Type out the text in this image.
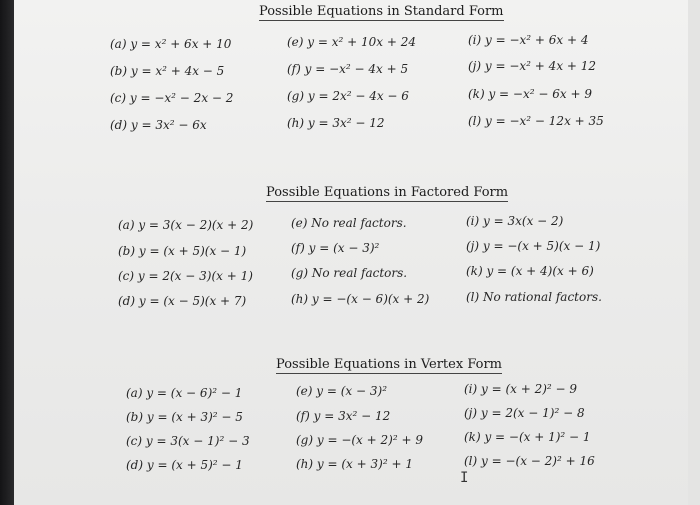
Possible Equations in Standard Form
(a) y = x² + 6x + 10
(b) y = x² + 4x − 5
(c) y = −x² − 2x − 2
(d) y = 3x² − 6x
(e) y = x² + 10x + 24
(f) y = −x² − 4x + 5
(g) y = 2x² − 4x − 6
(h) y = 3x² − 12
(i) y = −x² + 6x + 4
(j) y = −x² + 4x + 12
(k) y = −x² − 6x + 9
(l) y = −x² − 12x + 35
Possible Equations in Factored Form
(a) y = 3(x − 2)(x + 2)
(b) y = (x + 5)(x − 1)
(c) y = 2(x − 3)(x + 1)
(d) y = (x − 5)(x + 7)
(e) No real factors.
(f) y = (x − 3)²
(g) No real factors.
(h) y = −(x − 6)(x + 2)
(i) y = 3x(x − 2)
(j) y = −(x + 5)(x − 1)
(k) y = (x + 4)(x + 6)
(l) No rational factors.
Possible Equations in Vertex Form
(a) y = (x − 6)² − 1
(b) y = (x + 3)² − 5
(c) y = 3(x − 1)² − 3
(d) y = (x + 5)² − 1
(e) y = (x − 3)²
(f) y = 3x² − 12
(g) y = −(x + 2)² + 9
(h) y = (x + 3)² + 1
(i) y = (x + 2)² − 9
(j) y = 2(x − 1)² − 8
(k) y = −(x + 1)² − 1
(l) y = −(x − 2)² + 16
I
